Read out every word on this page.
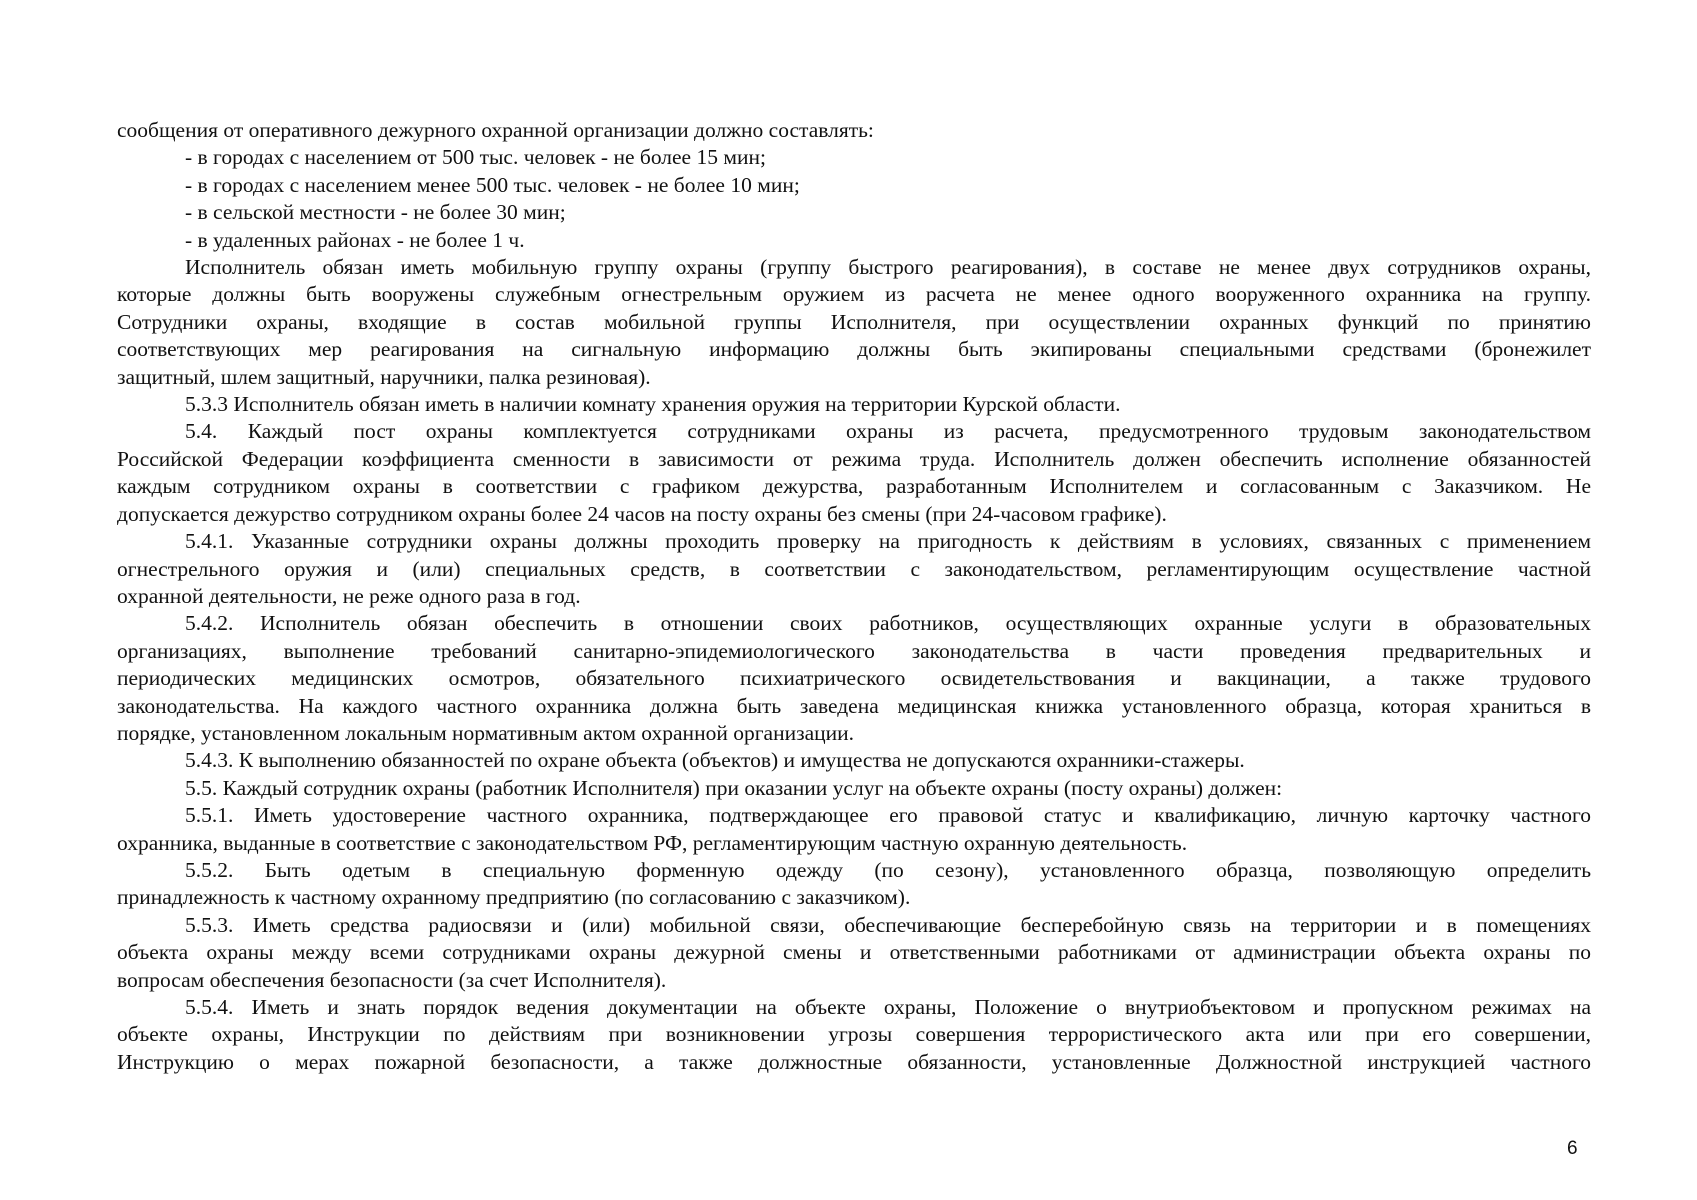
сообщения от оперативного дежурного охранной организации должно составлять:
- в городах с населением от 500 тыс. человек - не более 15 мин;
- в городах с населением менее 500 тыс. человек - не более 10 мин;
- в сельской местности - не более 30 мин;
- в удаленных районах - не более 1 ч.
Исполнитель обязан иметь мобильную группу охраны (группу быстрого реагирования), в составе не менее двух сотрудников охраны,
которые должны быть вооружены служебным огнестрельным оружием из расчета не менее одного вооруженного охранника на группу.
Сотрудники охраны, входящие в состав мобильной группы Исполнителя, при осуществлении охранных функций по принятию
соответствующих мер реагирования на сигнальную информацию должны быть экипированы специальными средствами (бронежилет
защитный, шлем защитный, наручники, палка резиновая).
5.3.3 Исполнитель обязан иметь в наличии комнату хранения оружия на территории Курской области.
5.4. Каждый пост охраны комплектуется сотрудниками охраны из расчета, предусмотренного трудовым законодательством
Российской Федерации коэффициента сменности в зависимости от режима труда. Исполнитель должен обеспечить исполнение обязанностей
каждым сотрудником охраны в соответствии с графиком дежурства, разработанным Исполнителем и согласованным с Заказчиком. Не
допускается дежурство сотрудником охраны более 24 часов на посту охраны без смены (при 24-часовом графике).
5.4.1. Указанные сотрудники охраны должны проходить проверку на пригодность к действиям в условиях, связанных с применением
огнестрельного оружия и (или) специальных средств, в соответствии с законодательством, регламентирующим осуществление частной
охранной деятельности, не реже одного раза в год.
5.4.2. Исполнитель обязан обеспечить в отношении своих работников, осуществляющих охранные услуги в образовательных
организациях, выполнение требований санитарно-эпидемиологического законодательства в части проведения предварительных и
периодических медицинских осмотров, обязательного психиатрического освидетельствования и вакцинации, а также трудового
законодательства. На каждого частного охранника должна быть заведена медицинская книжка установленного образца, которая храниться в
порядке, установленном локальным нормативным актом охранной организации.
5.4.3. К выполнению обязанностей по охране объекта (объектов) и имущества не допускаются охранники-стажеры.
5.5. Каждый сотрудник охраны (работник Исполнителя) при оказании услуг на объекте охраны (посту охраны) должен:
5.5.1. Иметь удостоверение частного охранника, подтверждающее его правовой статус и квалификацию, личную карточку частного
охранника, выданные в соответствие с законодательством РФ, регламентирующим частную охранную деятельность.
5.5.2. Быть одетым в специальную форменную одежду (по сезону), установленного образца, позволяющую определить
принадлежность к частному охранному предприятию (по согласованию с заказчиком).
5.5.3. Иметь средства радиосвязи и (или) мобильной связи, обеспечивающие бесперебойную связь на территории и в помещениях
объекта охраны между всеми сотрудниками охраны дежурной смены и ответственными работниками от администрации объекта охраны по
вопросам обеспечения безопасности (за счет Исполнителя).
5.5.4. Иметь и знать порядок ведения документации на объекте охраны, Положение о внутриобъектовом и пропускном режимах на
объекте охраны, Инструкции по действиям при возникновении угрозы совершения террористического акта или при его совершении,
Инструкцию о мерах пожарной безопасности, а также должностные обязанности, установленные Должностной инструкцией частного
6
